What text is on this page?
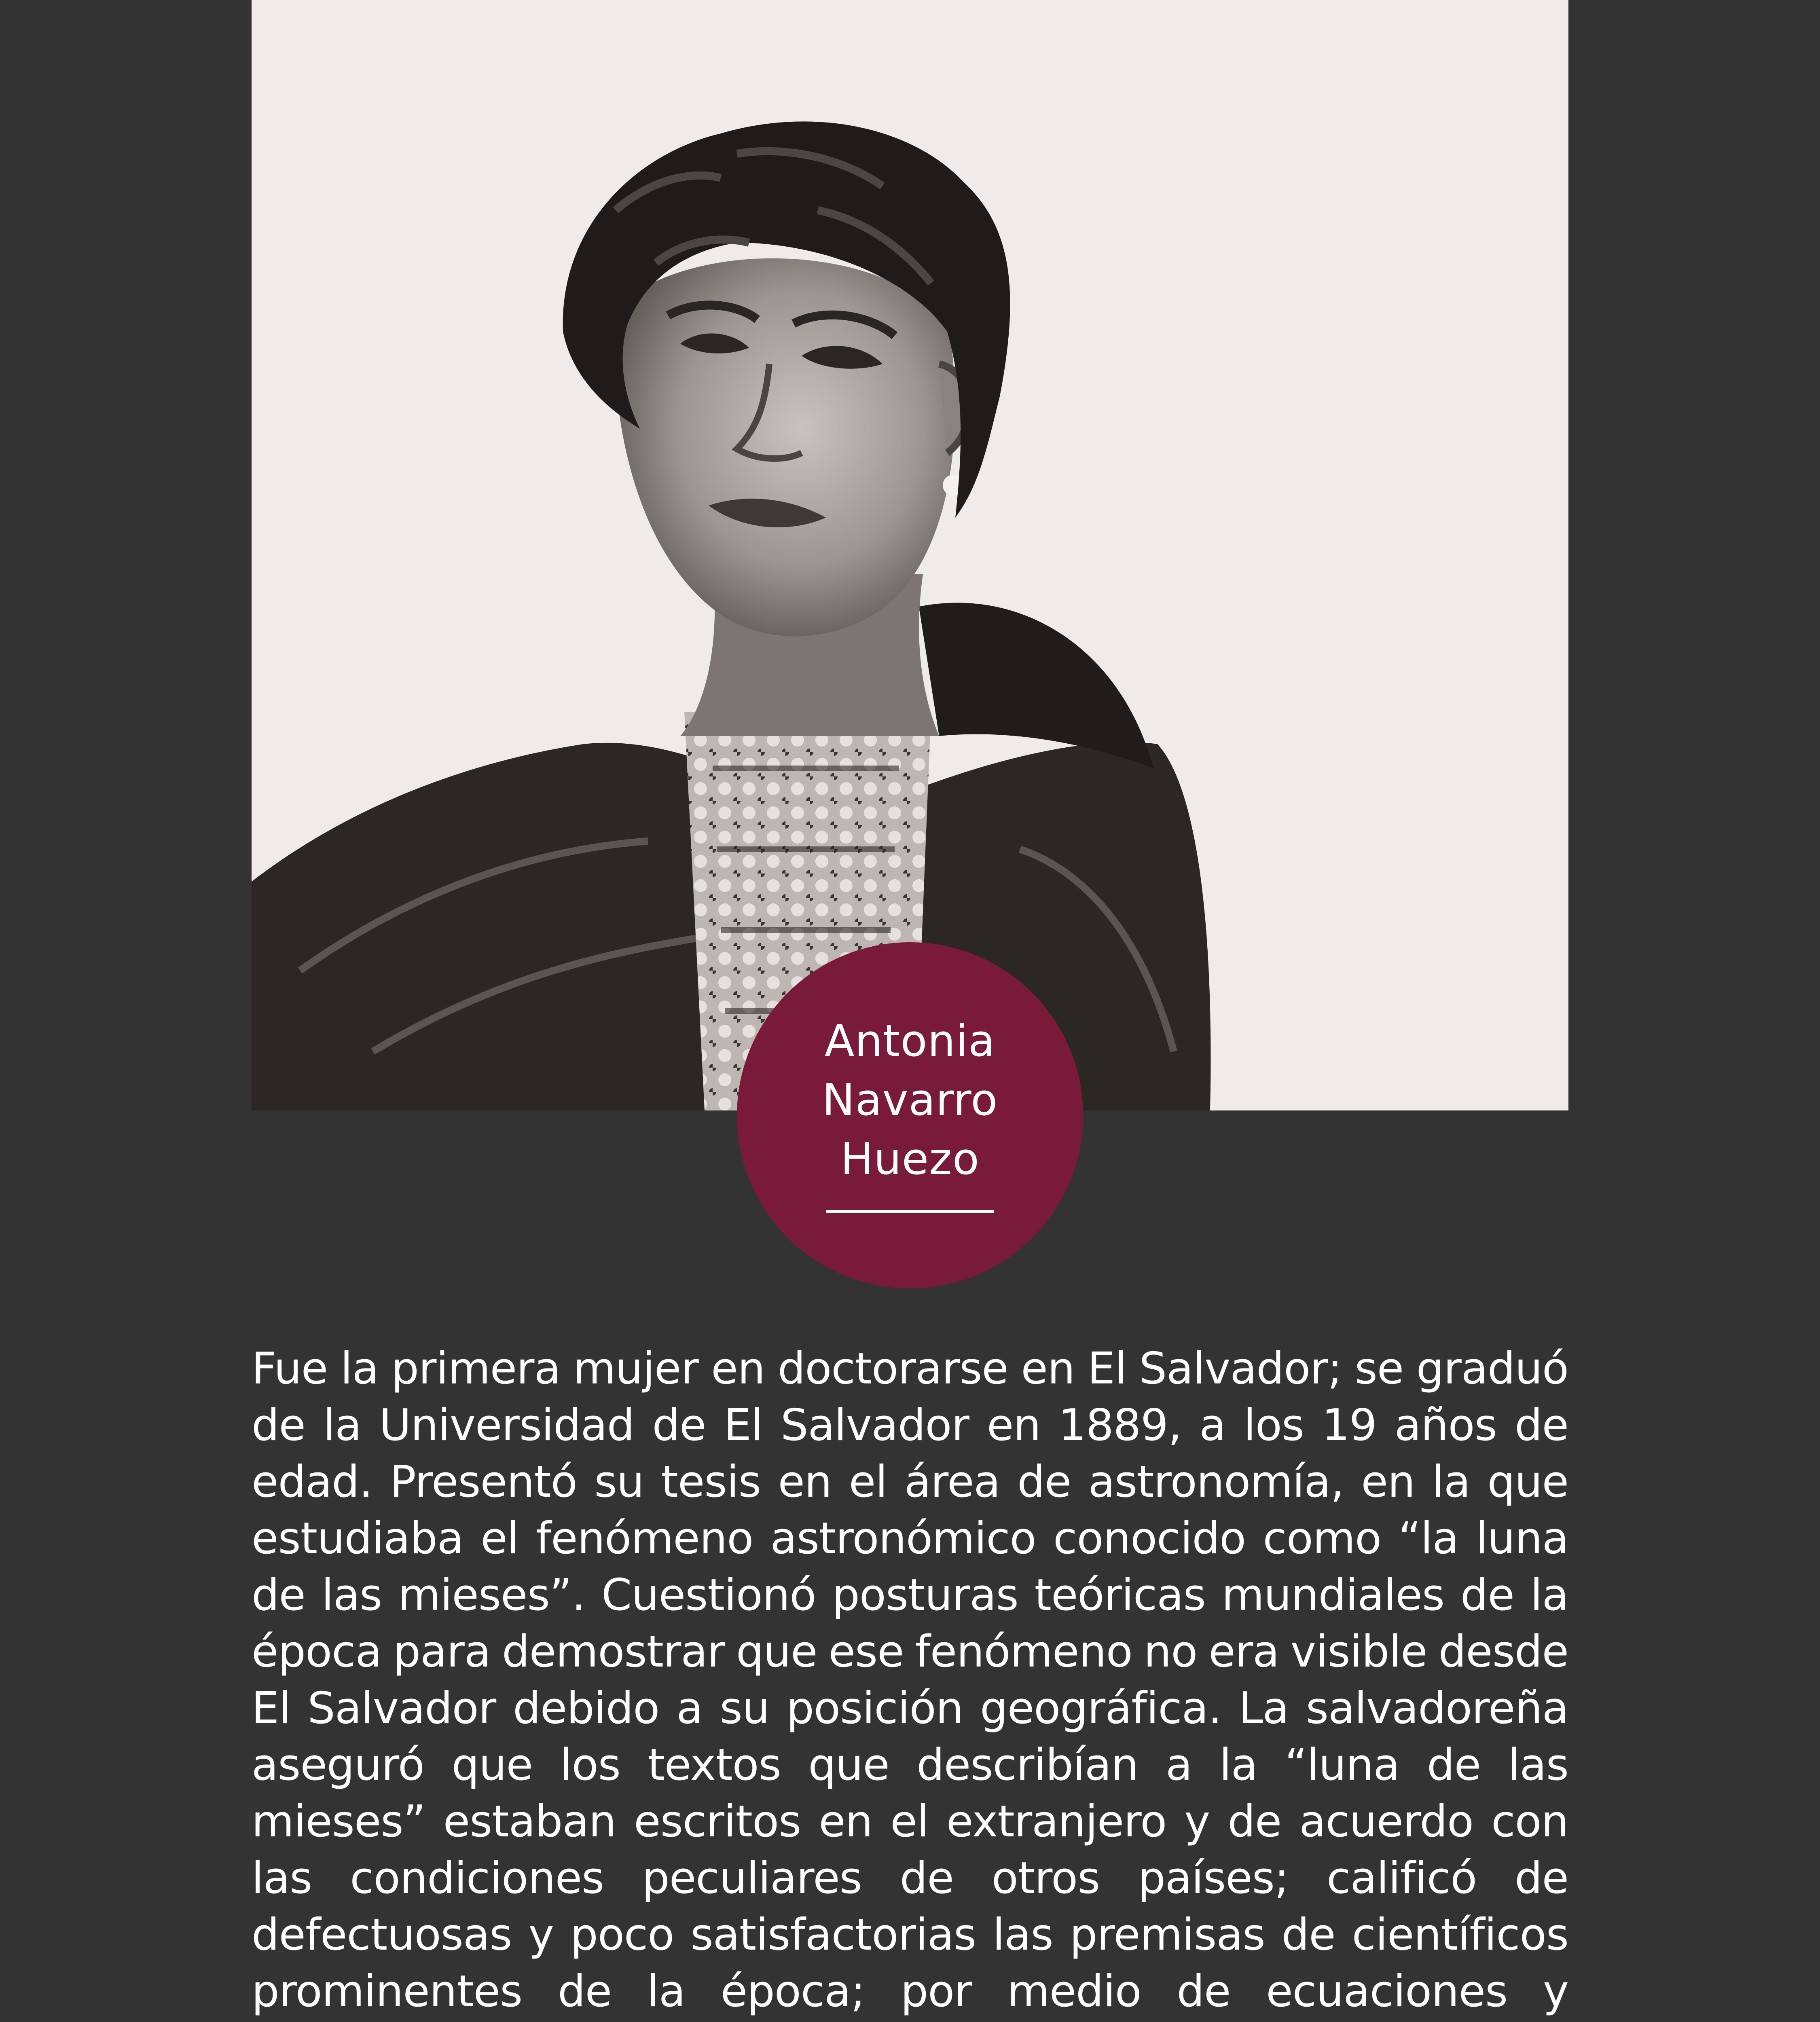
Antonia
Navarro
Huezo

Fue la primera mujer en doctorarse en El Salvador; se graduó de la Universidad de El Salvador en 1889, a los 19 años de edad. Presentó su tesis en el área de astronomía, en la que estudiaba el fenómeno astronómico conocido como “la luna de las mieses”. Cuestionó posturas teóricas mundiales de la época para demostrar que ese fenómeno no era visible desde El Salvador debido a su posición geográfica. La salvadoreña aseguró que los textos que describían a la “luna de las mieses” estaban escritos en el extranjero y de acuerdo con las condiciones peculiares de otros países; calificó de defectuosas y poco satisfactorias las premisas de científicos prominentes de la época; por medio de ecuaciones y
